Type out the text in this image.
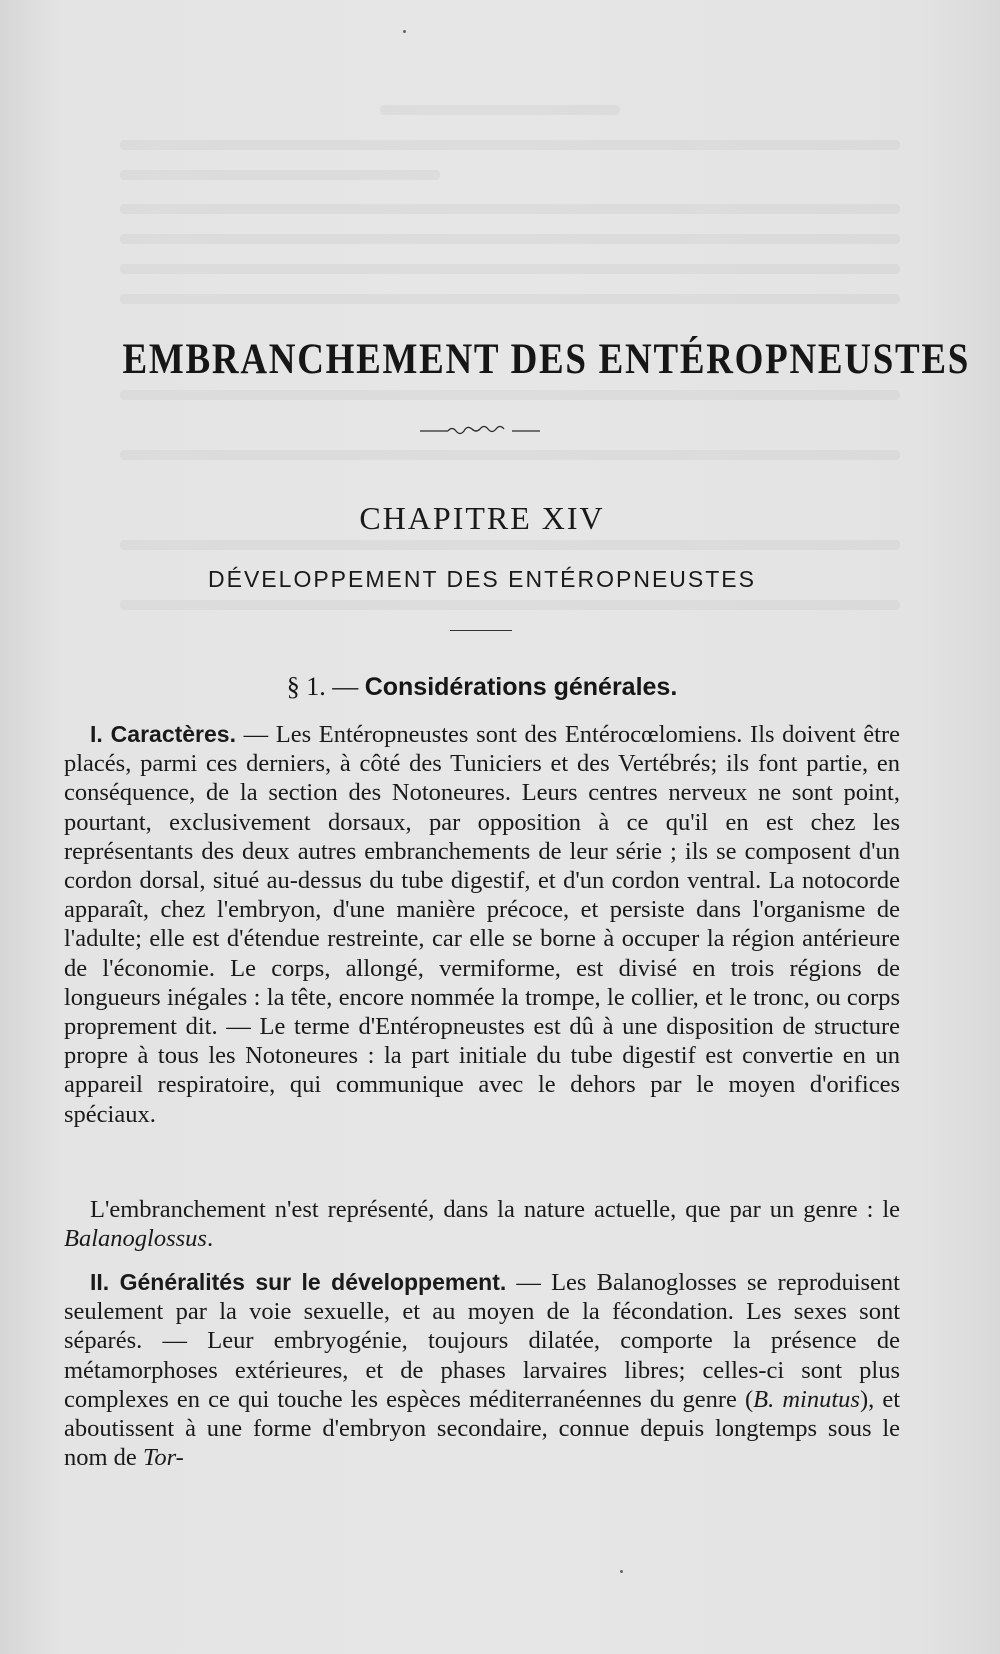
EMBRANCHEMENT DES ENTÉROPNEUSTES
CHAPITRE XIV
DÉVELOPPEMENT DES ENTÉROPNEUSTES
§ 1. — Considérations générales.
I. Caractères. — Les Entéropneustes sont des Entérocœlomiens. Ils doivent être placés, parmi ces derniers, à côté des Tuniciers et des Vertébrés; ils font partie, en conséquence, de la section des Notoneures. Leurs centres nerveux ne sont point, pourtant, exclusivement dorsaux, par opposition à ce qu'il en est chez les représentants des deux autres embranchements de leur série ; ils se composent d'un cordon dorsal, situé au-dessus du tube digestif, et d'un cordon ventral. La notocorde apparaît, chez l'embryon, d'une manière précoce, et persiste dans l'organisme de l'adulte; elle est d'étendue restreinte, car elle se borne à occuper la région antérieure de l'économie. Le corps, allongé, vermiforme, est divisé en trois régions de longueurs inégales : la tête, encore nommée la trompe, le collier, et le tronc, ou corps proprement dit. — Le terme d'Entéropneustes est dû à une disposition de structure propre à tous les Notoneures : la part initiale du tube digestif est convertie en un appareil respiratoire, qui communique avec le dehors par le moyen d'orifices spéciaux.
L'embranchement n'est représenté, dans la nature actuelle, que par un genre : le Balanoglossus.
II. Généralités sur le développement. — Les Balanoglosses se reproduisent seulement par la voie sexuelle, et au moyen de la fécondation. Les sexes sont séparés. — Leur embryogénie, toujours dilatée, comporte la présence de métamorphoses extérieures, et de phases larvaires libres; celles-ci sont plus complexes en ce qui touche les espèces méditerranéennes du genre (B. minutus), et aboutissent à une forme d'embryon secondaire, connue depuis longtemps sous le nom de Tor-
